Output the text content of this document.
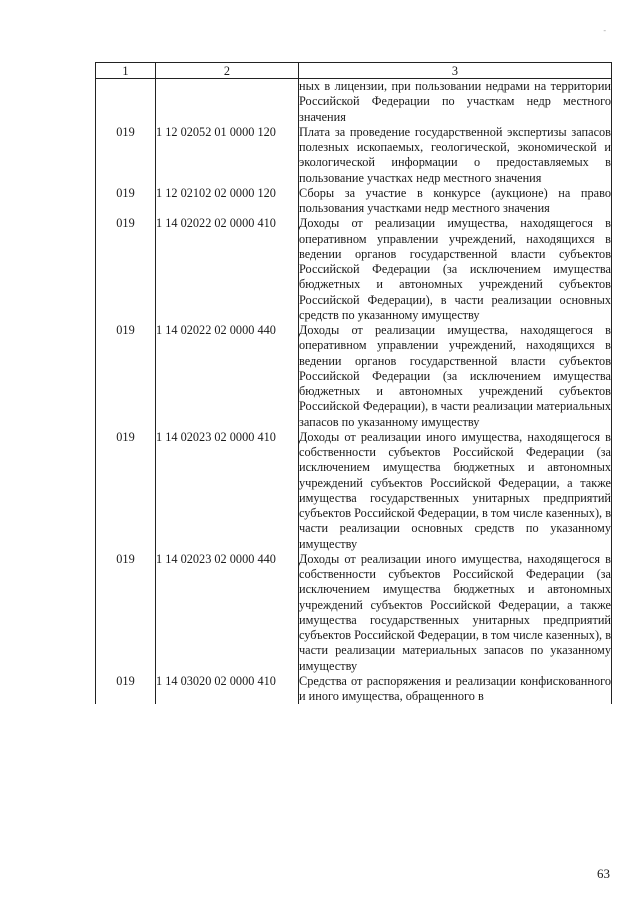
-
1	2	3
		ных в лицензии, при пользовании недрами на территории Российской Федерации по участкам недр местного значения
019	1 12 02052 01 0000 120	Плата за проведение государственной экспертизы запасов полезных ископаемых, геологической, экономической и экологической информации о предоставляемых в пользование участках недр местного значения
019	1 12 02102 02 0000 120	Сборы за участие в конкурсе (аукционе) на право пользования участками недр местного значения
019	1 14 02022 02 0000 410	Доходы от реализации имущества, находящегося в оперативном управлении учреждений, находящихся в ведении органов государственной власти субъектов Российской Федерации (за исключением имущества бюджетных и автономных учреждений субъектов Российской Федерации), в части реализации основных средств по указанному имуществу
019	1 14 02022 02 0000 440	Доходы от реализации имущества, находящегося в оперативном управлении учреждений, находящихся в ведении органов государственной власти субъектов Российской Федерации (за исключением имущества бюджетных и автономных учреждений субъектов Российской Федерации), в части реализации материальных запасов по указанному имуществу
019	1 14 02023 02 0000 410	Доходы от реализации иного имущества, находящегося в собственности субъектов Российской Федерации (за исключением имущества бюджетных и автономных учреждений субъектов Российской Федерации, а также имущества государственных унитарных предприятий субъектов Российской Федерации, в том числе казенных), в части реализации основных средств по указанному имуществу
019	1 14 02023 02 0000 440	Доходы от реализации иного имущества, находящегося в собственности субъектов Российской Федерации (за исключением имущества бюджетных и автономных учреждений субъектов Российской Федерации, а также имущества государственных унитарных предприятий субъектов Российской Федерации, в том числе казенных), в части реализации материальных запасов по указанному имуществу
019	1 14 03020 02 0000 410	Средства от распоряжения и реализации конфискованного и иного имущества, обращенного в
63
